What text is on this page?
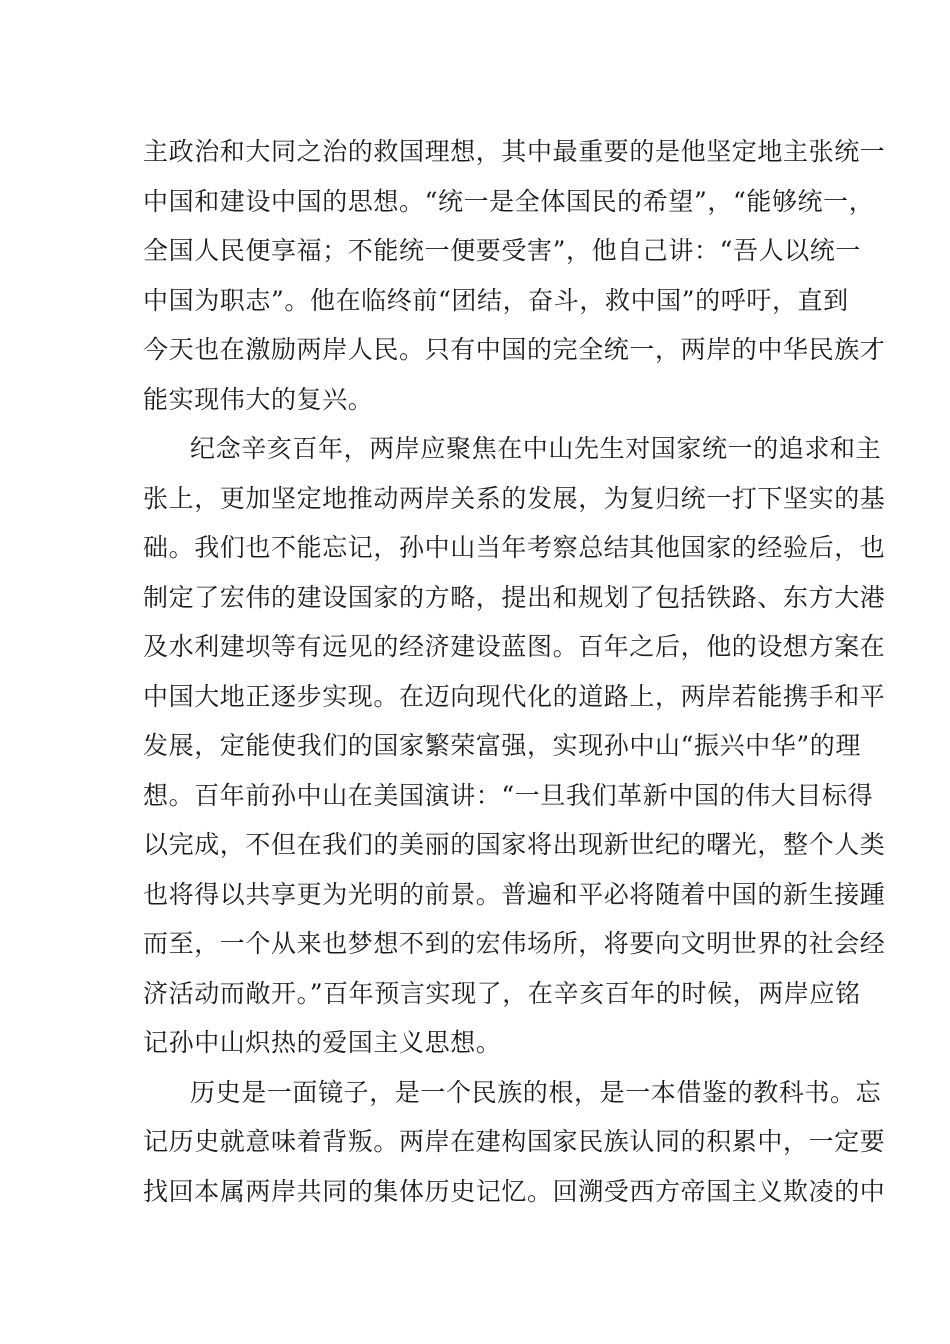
主政治和大同之治的救国理想，其中最重要的是他坚定地主张统一
中国和建设中国的思想。“统一是全体国民的希望”，“能够统一，
全国人民便享福；不能统一便要受害”，他自己讲：“吾人以统一
中国为职志”。他在临终前“团结，奋斗，救中国”的呼吁，直到
今天也在激励两岸人民。只有中国的完全统一，两岸的中华民族才
能实现伟大的复兴。
纪念辛亥百年，两岸应聚焦在中山先生对国家统一的追求和主
张上，更加坚定地推动两岸关系的发展，为复归统一打下坚实的基
础。我们也不能忘记，孙中山当年考察总结其他国家的经验后，也
制定了宏伟的建设国家的方略，提出和规划了包括铁路、东方大港
及水利建坝等有远见的经济建设蓝图。百年之后，他的设想方案在
中国大地正逐步实现。在迈向现代化的道路上，两岸若能携手和平
发展，定能使我们的国家繁荣富强，实现孙中山“振兴中华”的理
想。百年前孙中山在美国演讲：“一旦我们革新中国的伟大目标得
以完成，不但在我们的美丽的国家将出现新世纪的曙光，整个人类
也将得以共享更为光明的前景。普遍和平必将随着中国的新生接踵
而至，一个从来也梦想不到的宏伟场所，将要向文明世界的社会经
济活动而敞开。”百年预言实现了，在辛亥百年的时候，两岸应铭
记孙中山炽热的爱国主义思想。
历史是一面镜子，是一个民族的根，是一本借鉴的教科书。忘
记历史就意味着背叛。两岸在建构国家民族认同的积累中，一定要
找回本属两岸共同的集体历史记忆。回溯受西方帝国主义欺凌的中
